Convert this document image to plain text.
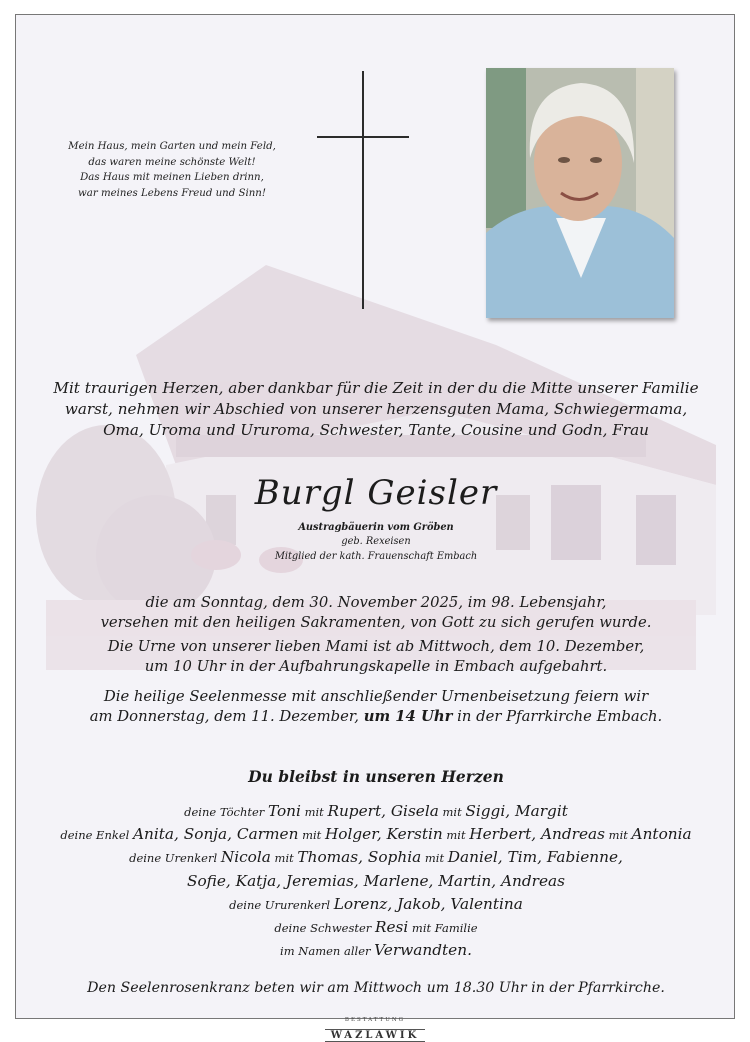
Mein Haus, mein Garten und mein Feld,
das waren meine schönste Welt!
Das Haus mit meinen Lieben drinn,
war meines Lebens Freud und Sinn!
Mit traurigen Herzen, aber dankbar für die Zeit in der du die Mitte unserer Familie
warst, nehmen wir Abschied von unserer herzensguten Mama, Schwiegermama,
Oma, Uroma und Ururoma, Schwester, Tante, Cousine und Godn, Frau
Burgl Geisler
Austragbäuerin vom Gröben
geb. Rexeisen
Mitglied der kath. Frauenschaft Embach
die am Sonntag, dem 30. November 2025, im 98. Lebensjahr,
versehen mit den heiligen Sakramenten, von Gott zu sich gerufen wurde.
Die Urne von unserer lieben Mami ist ab Mittwoch, dem 10. Dezember,
um 10 Uhr in der Aufbahrungskapelle in Embach aufgebahrt.
Die heilige Seelenmesse mit anschließender Urnenbeisetzung feiern wir
am Donnerstag, dem 11. Dezember, um 14 Uhr in der Pfarrkirche Embach.
Du bleibst in unseren Herzen
deine Töchter Toni mit Rupert, Gisela mit Siggi, Margit
deine Enkel Anita, Sonja, Carmen mit Holger, Kerstin mit Herbert, Andreas mit Antonia
deine Urenkerl Nicola mit Thomas, Sophia mit Daniel, Tim, Fabienne,
Sofie, Katja, Jeremias, Marlene, Martin, Andreas
deine Ururenkerl Lorenz, Jakob, Valentina
deine Schwester Resi mit Familie
im Namen aller Verwandten.
Den Seelenrosenkranz beten wir am Mittwoch um 18.30 Uhr in der Pfarrkirche.
BESTATTUNG
WAZLAWIK
